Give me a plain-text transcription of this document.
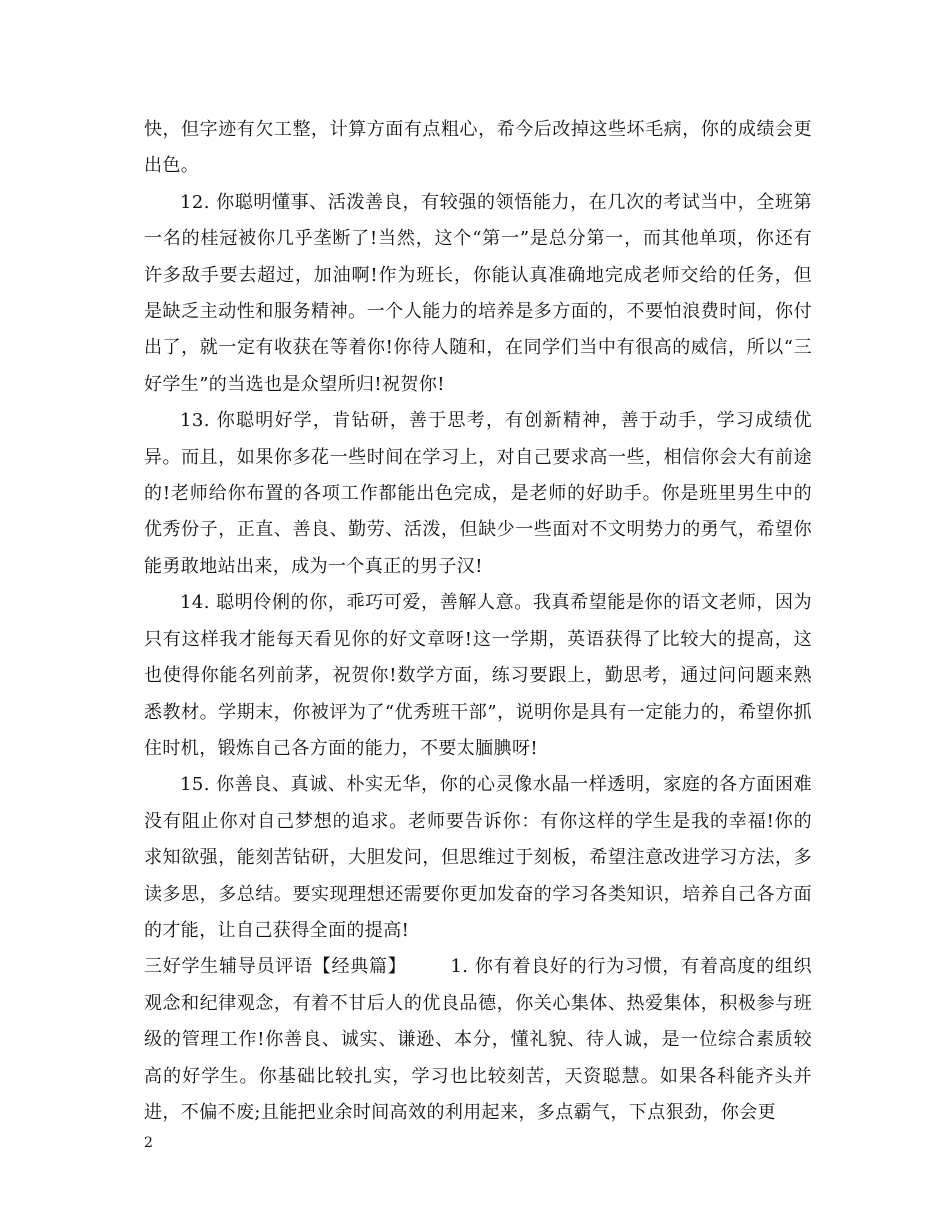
快，但字迹有欠工整，计算方面有点粗心，希今后改掉这些坏毛病，你的成绩会更出色。

12. 你聪明懂事、活泼善良，有较强的领悟能力，在几次的考试当中，全班第一名的桂冠被你几乎垄断了!当然，这个“第一”是总分第一，而其他单项，你还有许多敌手要去超过，加油啊!作为班长，你能认真准确地完成老师交给的任务，但是缺乏主动性和服务精神。一个人能力的培养是多方面的，不要怕浪费时间，你付出了，就一定有收获在等着你!你待人随和，在同学们当中有很高的威信，所以“三好学生”的当选也是众望所归!祝贺你!

13. 你聪明好学，肯钻研，善于思考，有创新精神，善于动手，学习成绩优异。而且，如果你多花一些时间在学习上，对自己要求高一些，相信你会大有前途的!老师给你布置的各项工作都能出色完成，是老师的好助手。你是班里男生中的优秀份子，正直、善良、勤劳、活泼，但缺少一些面对不文明势力的勇气，希望你能勇敢地站出来，成为一个真正的男子汉!

14. 聪明伶俐的你，乖巧可爱，善解人意。我真希望能是你的语文老师，因为只有这样我才能每天看见你的好文章呀!这一学期，英语获得了比较大的提高，这也使得你能名列前茅，祝贺你!数学方面，练习要跟上，勤思考，通过问问题来熟悉教材。学期末，你被评为了“优秀班干部”，说明你是具有一定能力的，希望你抓住时机，锻炼自己各方面的能力，不要太腼腆呀!

15. 你善良、真诚、朴实无华，你的心灵像水晶一样透明，家庭的各方面困难没有阻止你对自己梦想的追求。老师要告诉你：有你这样的学生是我的幸福!你的求知欲强，能刻苦钻研，大胆发问，但思维过于刻板，希望注意改进学习方法，多读多思，多总结。要实现理想还需要你更加发奋的学习各类知识，培养自己各方面的才能，让自己获得全面的提高!

三好学生辅导员评语【经典篇】 1. 你有着良好的行为习惯，有着高度的组织观念和纪律观念，有着不甘后人的优良品德，你关心集体、热爱集体，积极参与班级的管理工作!你善良、诚实、谦逊、本分，懂礼貌、待人诚，是一位综合素质较高的好学生。你基础比较扎实，学习也比较刻苦，天资聪慧。如果各科能齐头并进，不偏不废;且能把业余时间高效的利用起来，多点霸气，下点狠劲，你会更

2
